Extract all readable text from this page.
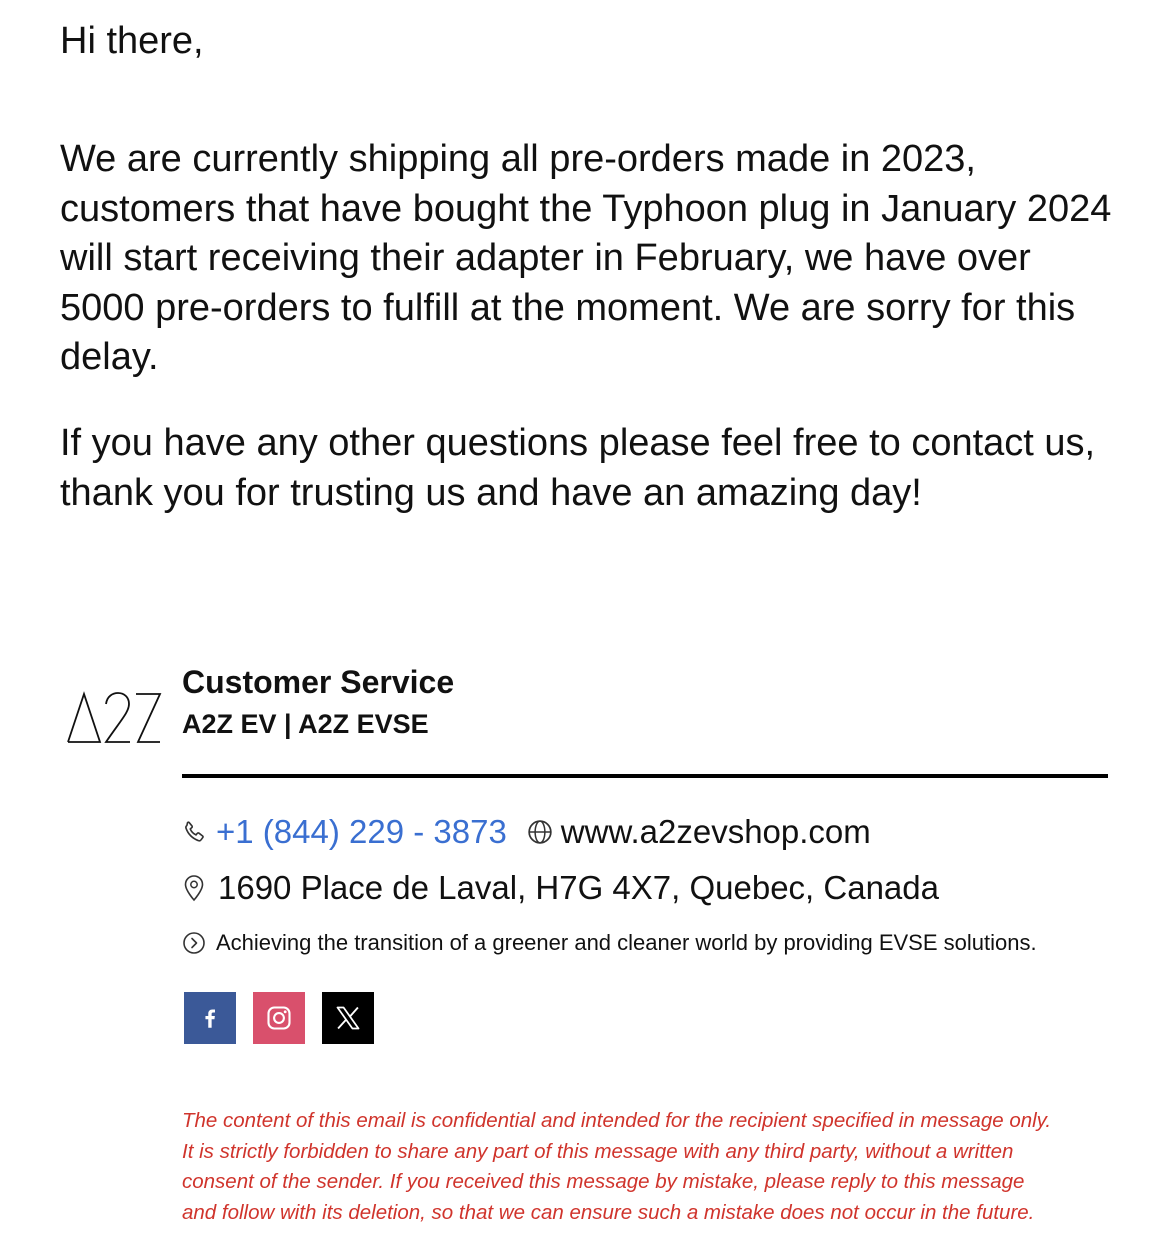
Hi there,

We are currently shipping all pre-orders made in 2023, customers that have bought the Typhoon plug in January 2024 will start receiving their adapter in February, we have over 5000 pre-orders to fulfill at the moment. We are sorry for this delay.

If you have any other questions please feel free to contact us, thank you for trusting us and have an amazing day!

Customer Service
A2Z EV | A2Z EVSE
+1 (844) 229 - 3873 www.a2zevshop.com
1690 Place de Laval, H7G 4X7, Quebec, Canada
Achieving the transition of a greener and cleaner world by providing EVSE solutions.

The content of this email is confidential and intended for the recipient specified in message only.
It is strictly forbidden to share any part of this message with any third party, without a written
consent of the sender. If you received this message by mistake, please reply to this message
and follow with its deletion, so that we can ensure such a mistake does not occur in the future.
